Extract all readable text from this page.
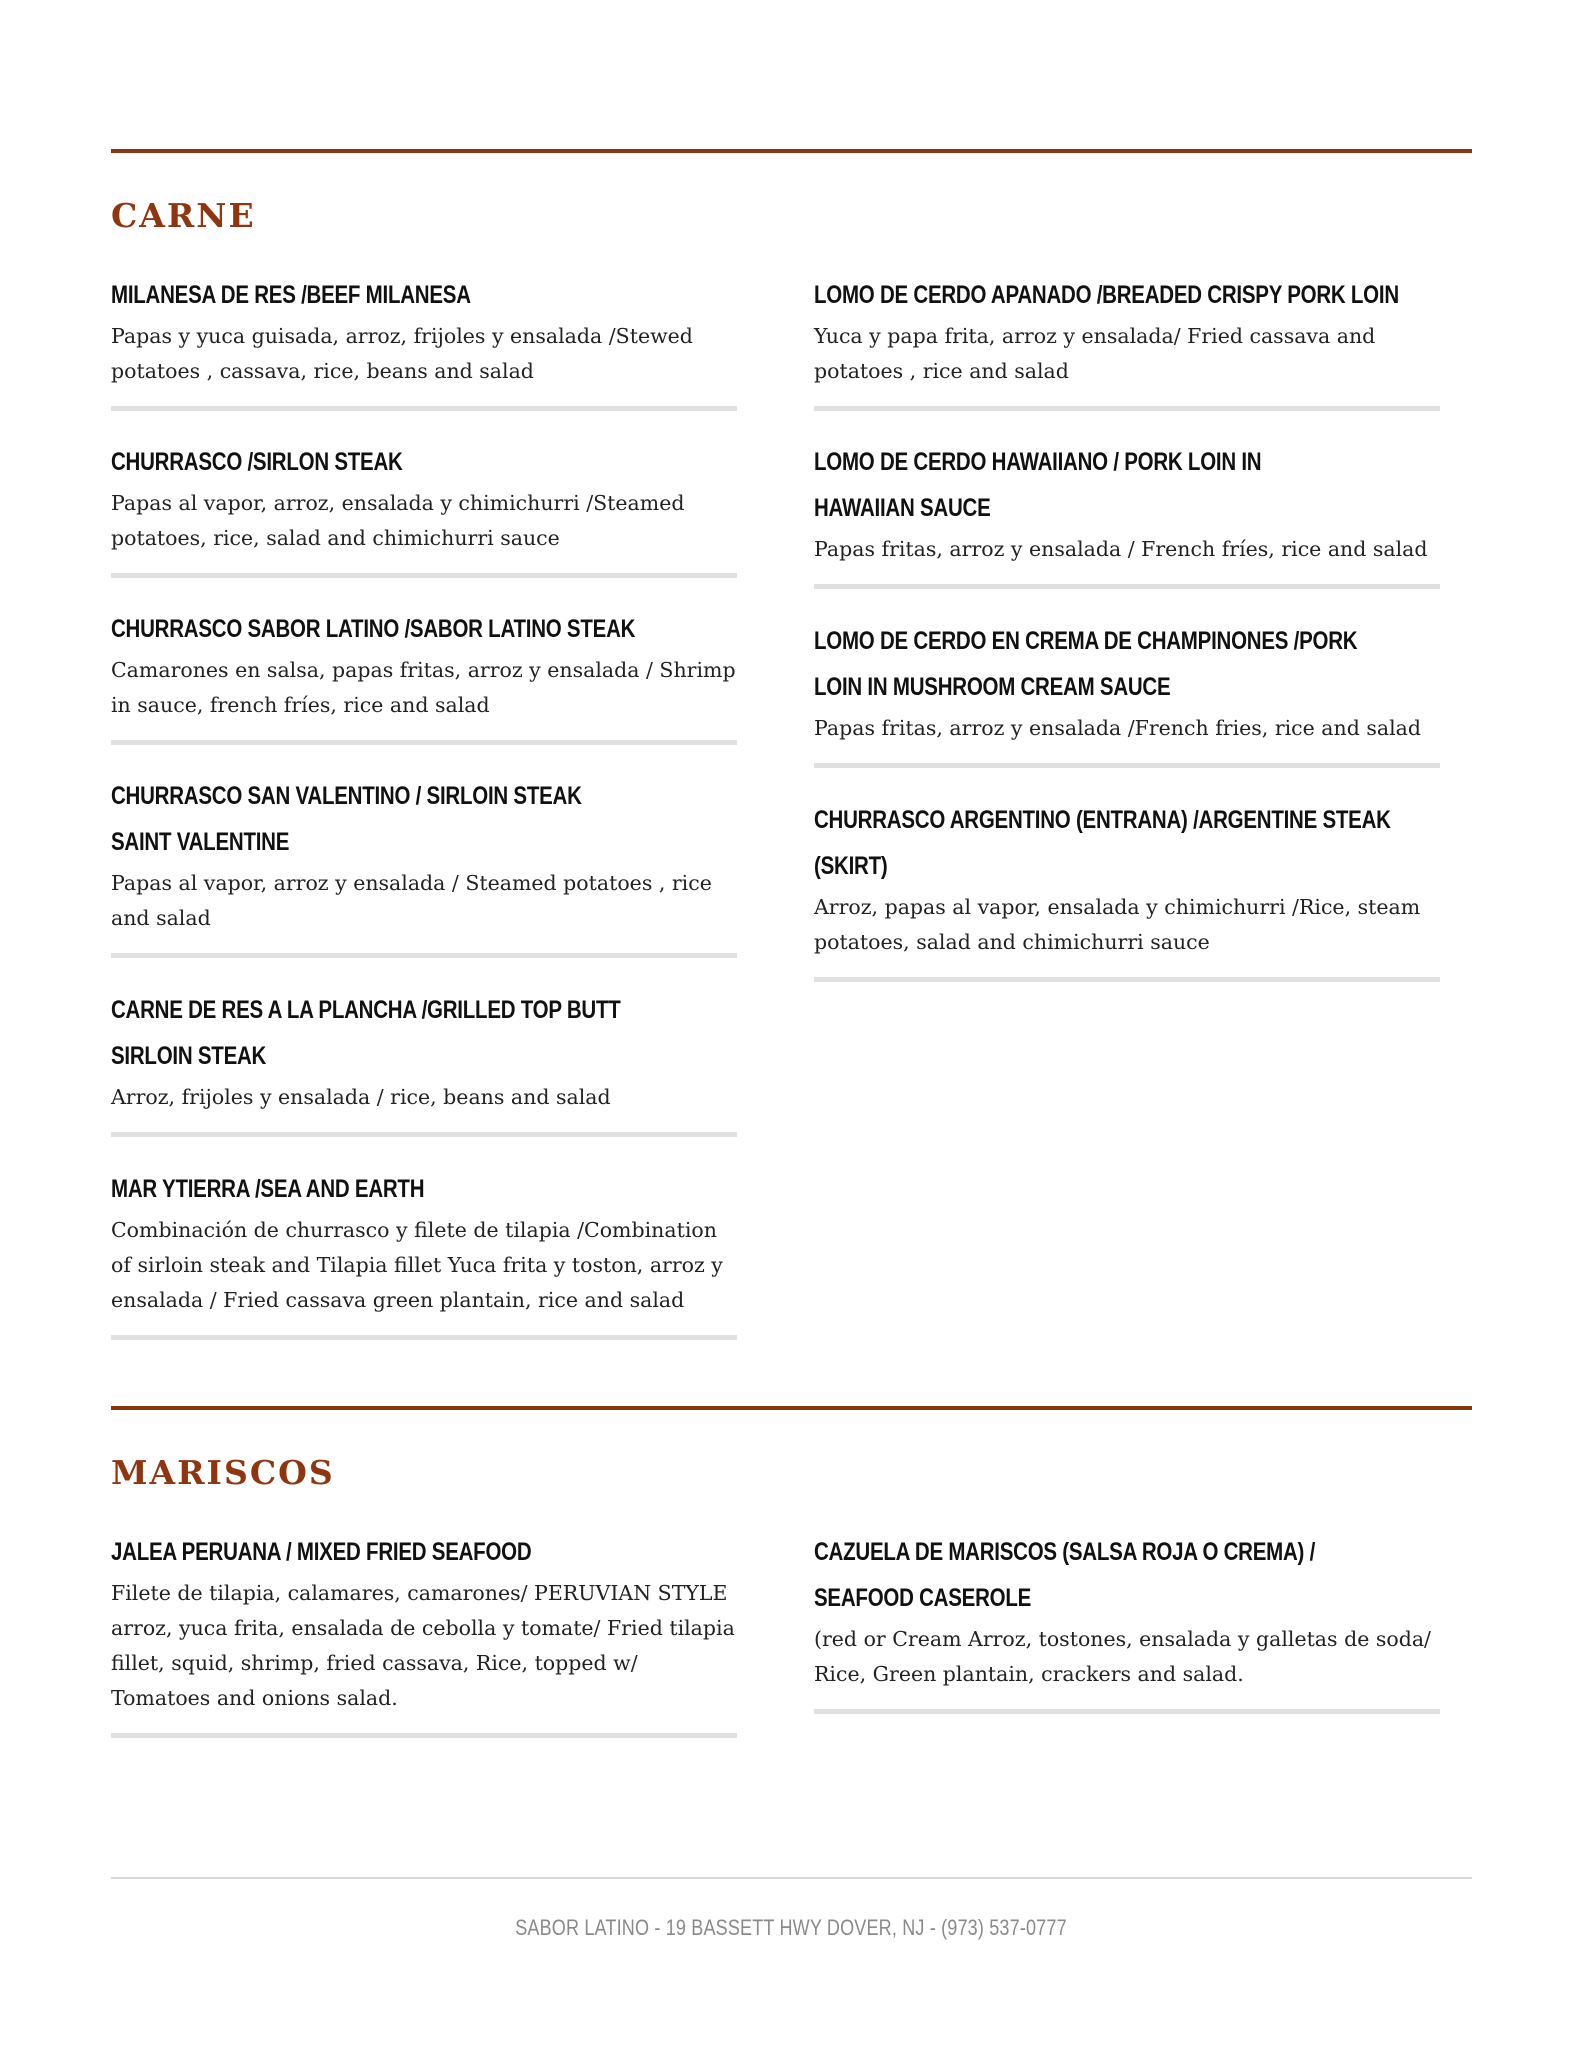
CARNE

MILANESA DE RES /BEEF MILANESA

Papas y yuca guisada, arroz, frijoles y ensalada /Stewed potatoes , cassava, rice, beans and salad

CHURRASCO /SIRLON STEAK

Papas al vapor, arroz, ensalada y chimichurri /Steamed potatoes, rice, salad and chimichurri sauce

CHURRASCO SABOR LATINO /SABOR LATINO STEAK

Camarones en salsa, papas fritas, arroz y ensalada / Shrimp in sauce, french fríes, rice and salad

CHURRASCO SAN VALENTINO / SIRLOIN STEAK SAINT VALENTINE

Papas al vapor, arroz y ensalada / Steamed potatoes , rice and salad

CARNE DE RES A LA PLANCHA /GRILLED TOP BUTT SIRLOIN STEAK

Arroz, frijoles y ensalada / rice, beans and salad

MAR YTIERRA /SEA AND EARTH

Combinación de churrasco y filete de tilapia /Combination of sirloin steak and Tilapia fillet Yuca frita y toston, arroz y ensalada / Fried cassava green plantain, rice and salad

LOMO DE CERDO APANADO /BREADED CRISPY PORK LOIN

Yuca y papa frita, arroz y ensalada/ Fried cassava and potatoes , rice and salad

LOMO DE CERDO HAWAIIANO / PORK LOIN IN HAWAIIAN SAUCE

Papas fritas, arroz y ensalada / French fríes, rice and salad

LOMO DE CERDO EN CREMA DE CHAMPINONES /PORK LOIN IN MUSHROOM CREAM SAUCE

Papas fritas, arroz y ensalada /French fries, rice and salad

CHURRASCO ARGENTINO (ENTRANA) /ARGENTINE STEAK (SKIRT)

Arroz, papas al vapor, ensalada y chimichurri /Rice, steam potatoes, salad and chimichurri sauce

MARISCOS

JALEA PERUANA / MIXED FRIED SEAFOOD

Filete de tilapia, calamares, camarones/ PERUVIAN STYLE arroz, yuca frita, ensalada de cebolla y tomate/ Fried tilapia fillet, squid, shrimp, fried cassava, Rice, topped w/ Tomatoes and onions salad.

CAZUELA DE MARISCOS (SALSA ROJA O CREMA) / SEAFOOD CASEROLE

(red or Cream Arroz, tostones, ensalada y galletas de soda/ Rice, Green plantain, crackers and salad.

SABOR LATINO - 19 BASSETT HWY DOVER, NJ - (973) 537-0777
